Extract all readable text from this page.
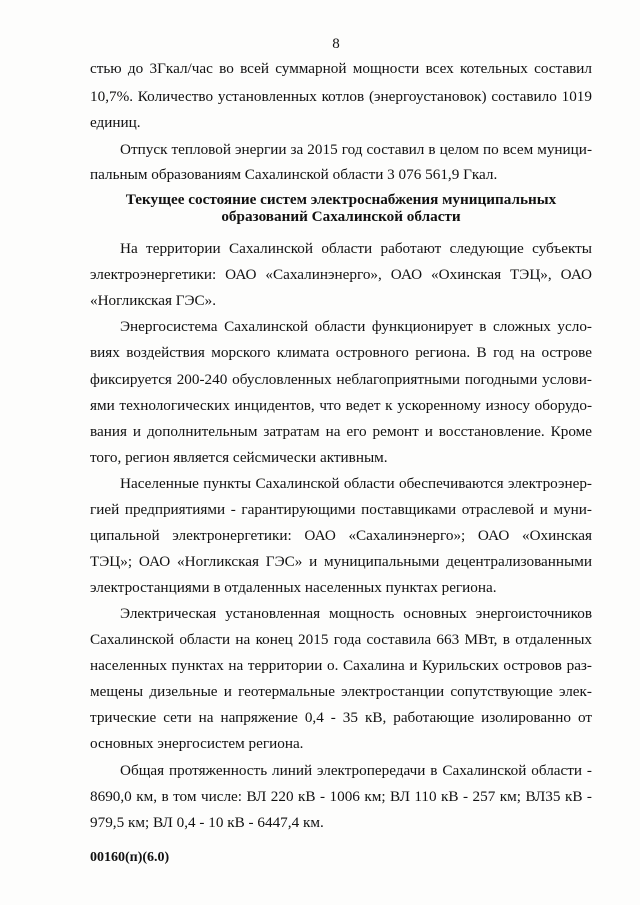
8
стью до 3Гкал/час во всей суммарной мощности всех котельных составил
10,7%. Количество установленных котлов (энергоустановок) составило 1019
единиц.
Отпуск тепловой энергии за 2015 год составил в целом по всем муници-
пальным образованиям Сахалинской области 3 076 561,9 Гкал.
Текущее состояние систем электроснабжения муниципальных
образований Сахалинской области
На территории Сахалинской области работают следующие субъекты
электроэнергетики: ОАО «Сахалинэнерго», ОАО «Охинская ТЭЦ», ОАО
«Ногликская ГЭС».
Энергосистема Сахалинской области функционирует в сложных усло-
виях воздействия морского климата островного региона. В год на острове
фиксируется 200-240 обусловленных неблагоприятными погодными услови-
ями технологических инцидентов, что ведет к ускоренному износу оборудо-
вания и дополнительным затратам на его ремонт и восстановление. Кроме
того, регион является сейсмически активным.
Населенные пункты Сахалинской области обеспечиваются электроэнер-
гией предприятиями - гарантирующими поставщиками отраслевой и муни-
ципальной электронергетики: ОАО «Сахалинэнерго»; ОАО «Охинская
ТЭЦ»; ОАО «Ногликская ГЭС» и муниципальными децентрализованными
электростанциями в отдаленных населенных пунктах региона.
Электрическая установленная мощность основных энергоисточников
Сахалинской области на конец 2015 года составила 663 МВт, в отдаленных
населенных пунктах на территории о. Сахалина и Курильских островов раз-
мещены дизельные и геотермальные электростанции сопутствующие элек-
трические сети на напряжение 0,4 - 35 кВ, работающие изолированно от
основных энергосистем региона.
Общая протяженность линий электропередачи в Сахалинской области -
8690,0 км, в том числе: ВЛ 220 кВ - 1006 км; ВЛ 110 кВ - 257 км; ВЛ35 кВ -
979,5 км; ВЛ 0,4 - 10 кВ - 6447,4 км.
00160(п)(6.0)
